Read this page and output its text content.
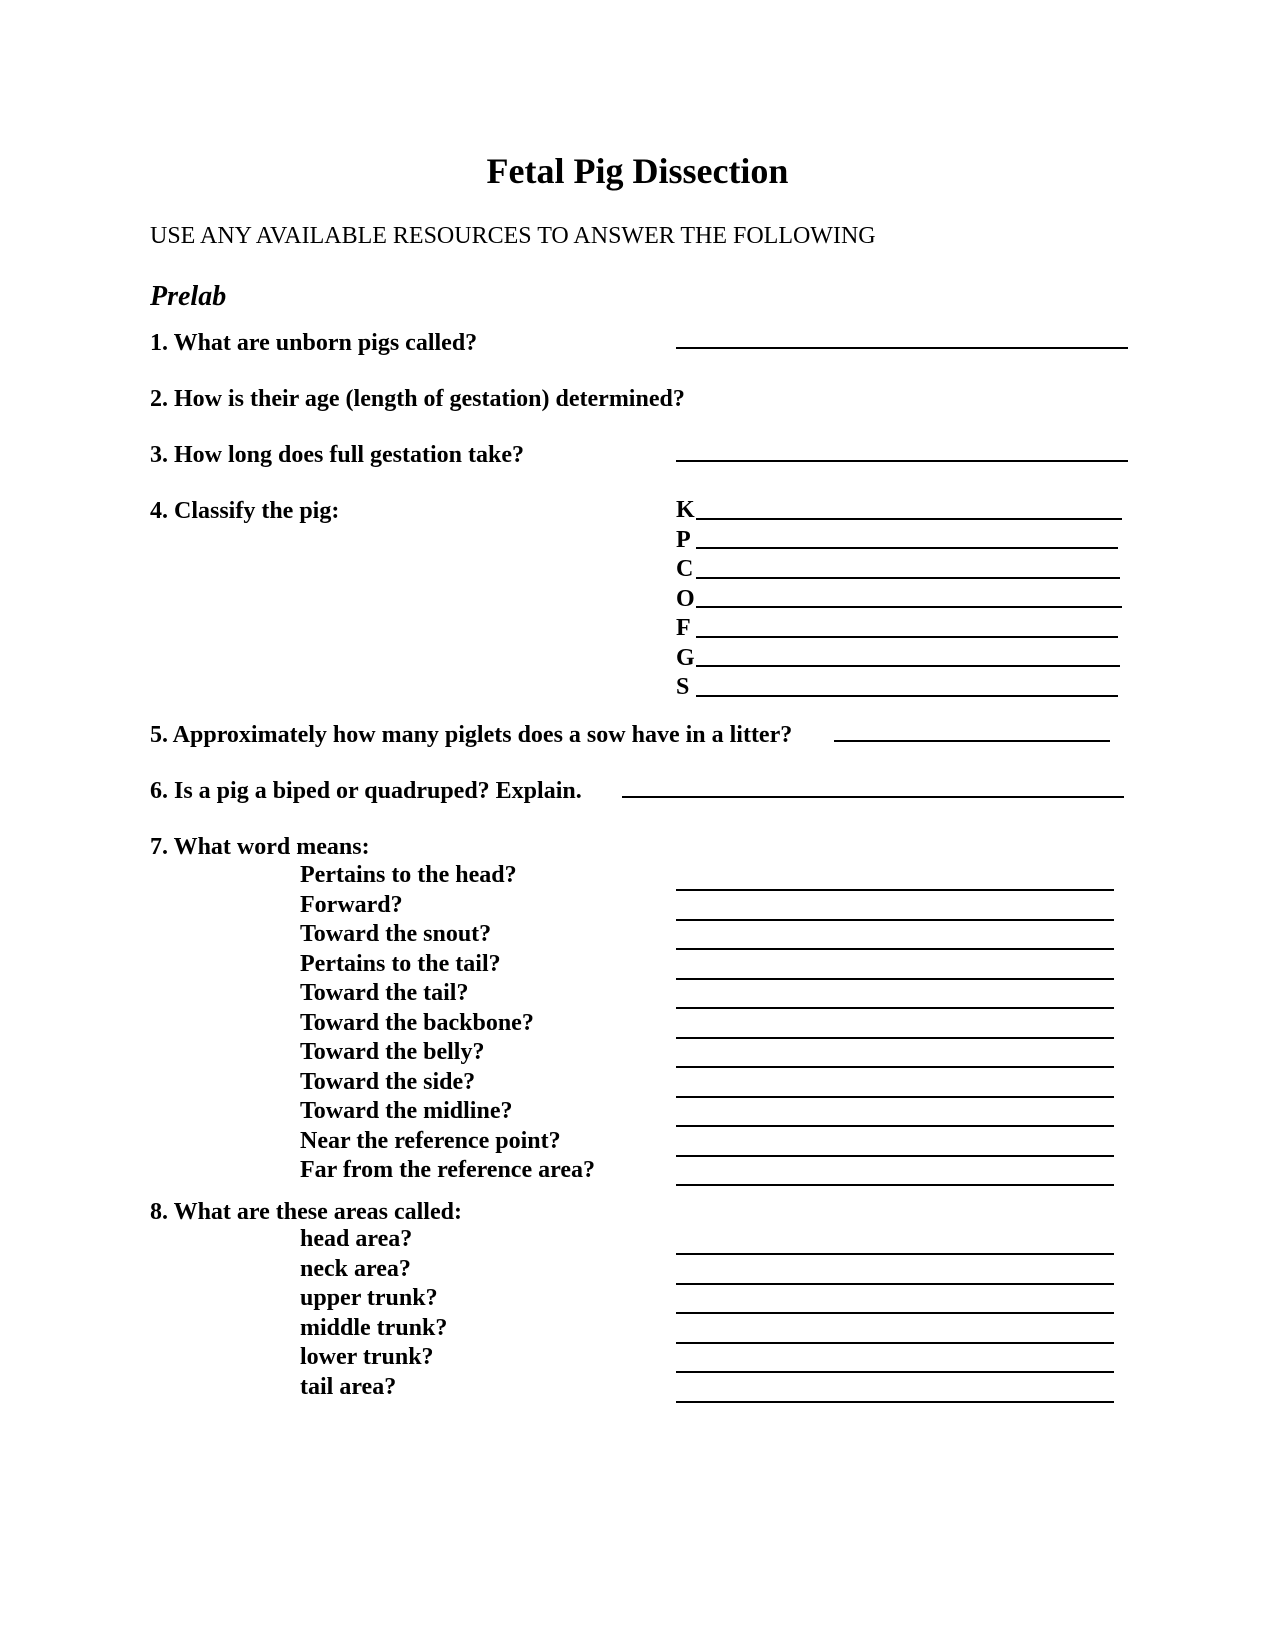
Fetal Pig Dissection
USE ANY AVAILABLE RESOURCES TO ANSWER THE FOLLOWING
Prelab
1. What are unborn pigs called?
2. How is their age (length of gestation) determined?
3. How long does full gestation take?
4. Classify the pig:	K
P
C
O
F
G
S
5. Approximately how many piglets does a sow have in a litter?
6. Is a pig a biped or quadruped? Explain.
7. What word means:
Pertains to the head?
Forward?
Toward the snout?
Pertains to the tail?
Toward the tail?
Toward the backbone?
Toward the belly?
Toward the side?
Toward the midline?
Near the reference point?
Far from the reference area?
8. What are these areas called:
head area?
neck area?
upper trunk?
middle trunk?
lower trunk?
tail area?
